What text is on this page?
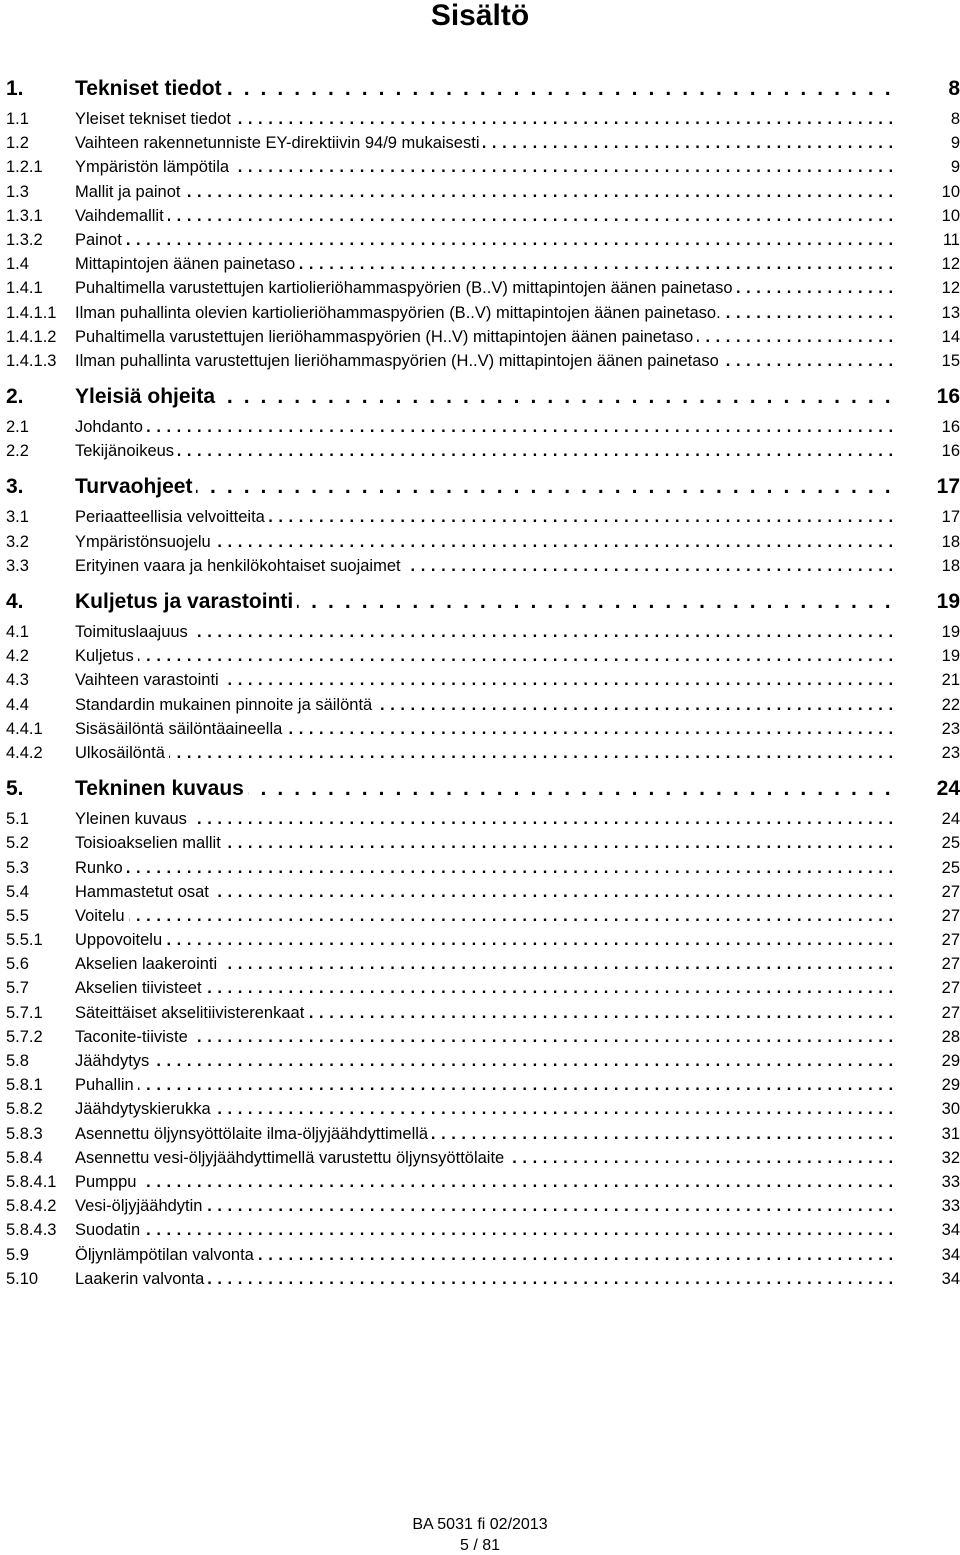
Sisältö
1. Tekniset tiedot . . .	8
1.1	Yleiset tekniset tiedot . . .	8
1.2	Vaihteen rakennetunniste EY-direktiivin 94/9 mukaisesti . . .	9
1.2.1 Ympäristön lämpötila . . .	9
1.3	Mallit ja painot . . .	10
1.3.1 Vaihdemallit . . .	10
1.3.2 Painot . . .	11
1.4	Mittapintojen äänen painetaso . . .	12
1.4.1 Puhaltimella varustettujen kartiolieriöhammaspyörien (B..V) mittapintojen äänen painetaso . . .	12
1.4.1.1 Ilman puhallinta olevien kartiolieriöhammaspyörien (B..V) mittapintojen äänen painetaso. . . .	13
1.4.1.2 Puhaltimella varustettujen lieriöhammaspyörien (H..V) mittapintojen äänen painetaso . . .	14
1.4.1.3 Ilman puhallinta varustettujen lieriöhammaspyörien (H..V) mittapintojen äänen painetaso . . .	15
2. Yleisiä ohjeita . . .	16
2.1	Johdanto . . .	16
2.2	Tekijänoikeus . . .	16
3. Turvaohjeet . . .	17
3.1	Periaatteellisia velvoitteita . . .	17
3.2	Ympäristönsuojelu . . .	18
3.3	Erityinen vaara ja henkilökohtaiset suojaimet . . .	18
4. Kuljetus ja varastointi . . .	19
4.1	Toimituslaajuus . . .	19
4.2	Kuljetus . . .	19
4.3	Vaihteen varastointi . . .	21
4.4	Standardin mukainen pinnoite ja säilöntä . . .	22
4.4.1 Sisäsäilöntä säilöntäaineella . . .	23
4.4.2 Ulkosäilöntä . . .	23
5. Tekninen kuvaus . . .	24
5.1	Yleinen kuvaus . . .	24
5.2	Toisioakselien mallit . . .	25
5.3	Runko . . .	25
5.4	Hammastetut osat . . .	27
5.5	Voitelu . . .	27
5.5.1 Uppovoitelu . . .	27
5.6	Akselien laakerointi . . .	27
5.7	Akselien tiivisteet . . .	27
5.7.1 Säteittäiset akselitiivisterenkaat . . .	27
5.7.2 Taconite-tiiviste . . .	28
5.8	Jäähdytys . . .	29
5.8.1 Puhallin . . .	29
5.8.2 Jäähdytyskierukka . . .	30
5.8.3 Asennettu öljynsyöttölaite ilma-öljyjäähdyttimellä . . .	31
5.8.4 Asennettu vesi-öljyjäähdyttimellä varustettu öljynsyöttölaite . . .	32
5.8.4.1 Pumppu . . .	33
5.8.4.2 Vesi-öljyjäähdytin . . .	33
5.8.4.3 Suodatin . . .	34
5.9	Öljynlämpötilan valvonta . . .	34
5.10 Laakerin valvonta . . .	34
BA 5031 fi 02/2013
5 / 81
